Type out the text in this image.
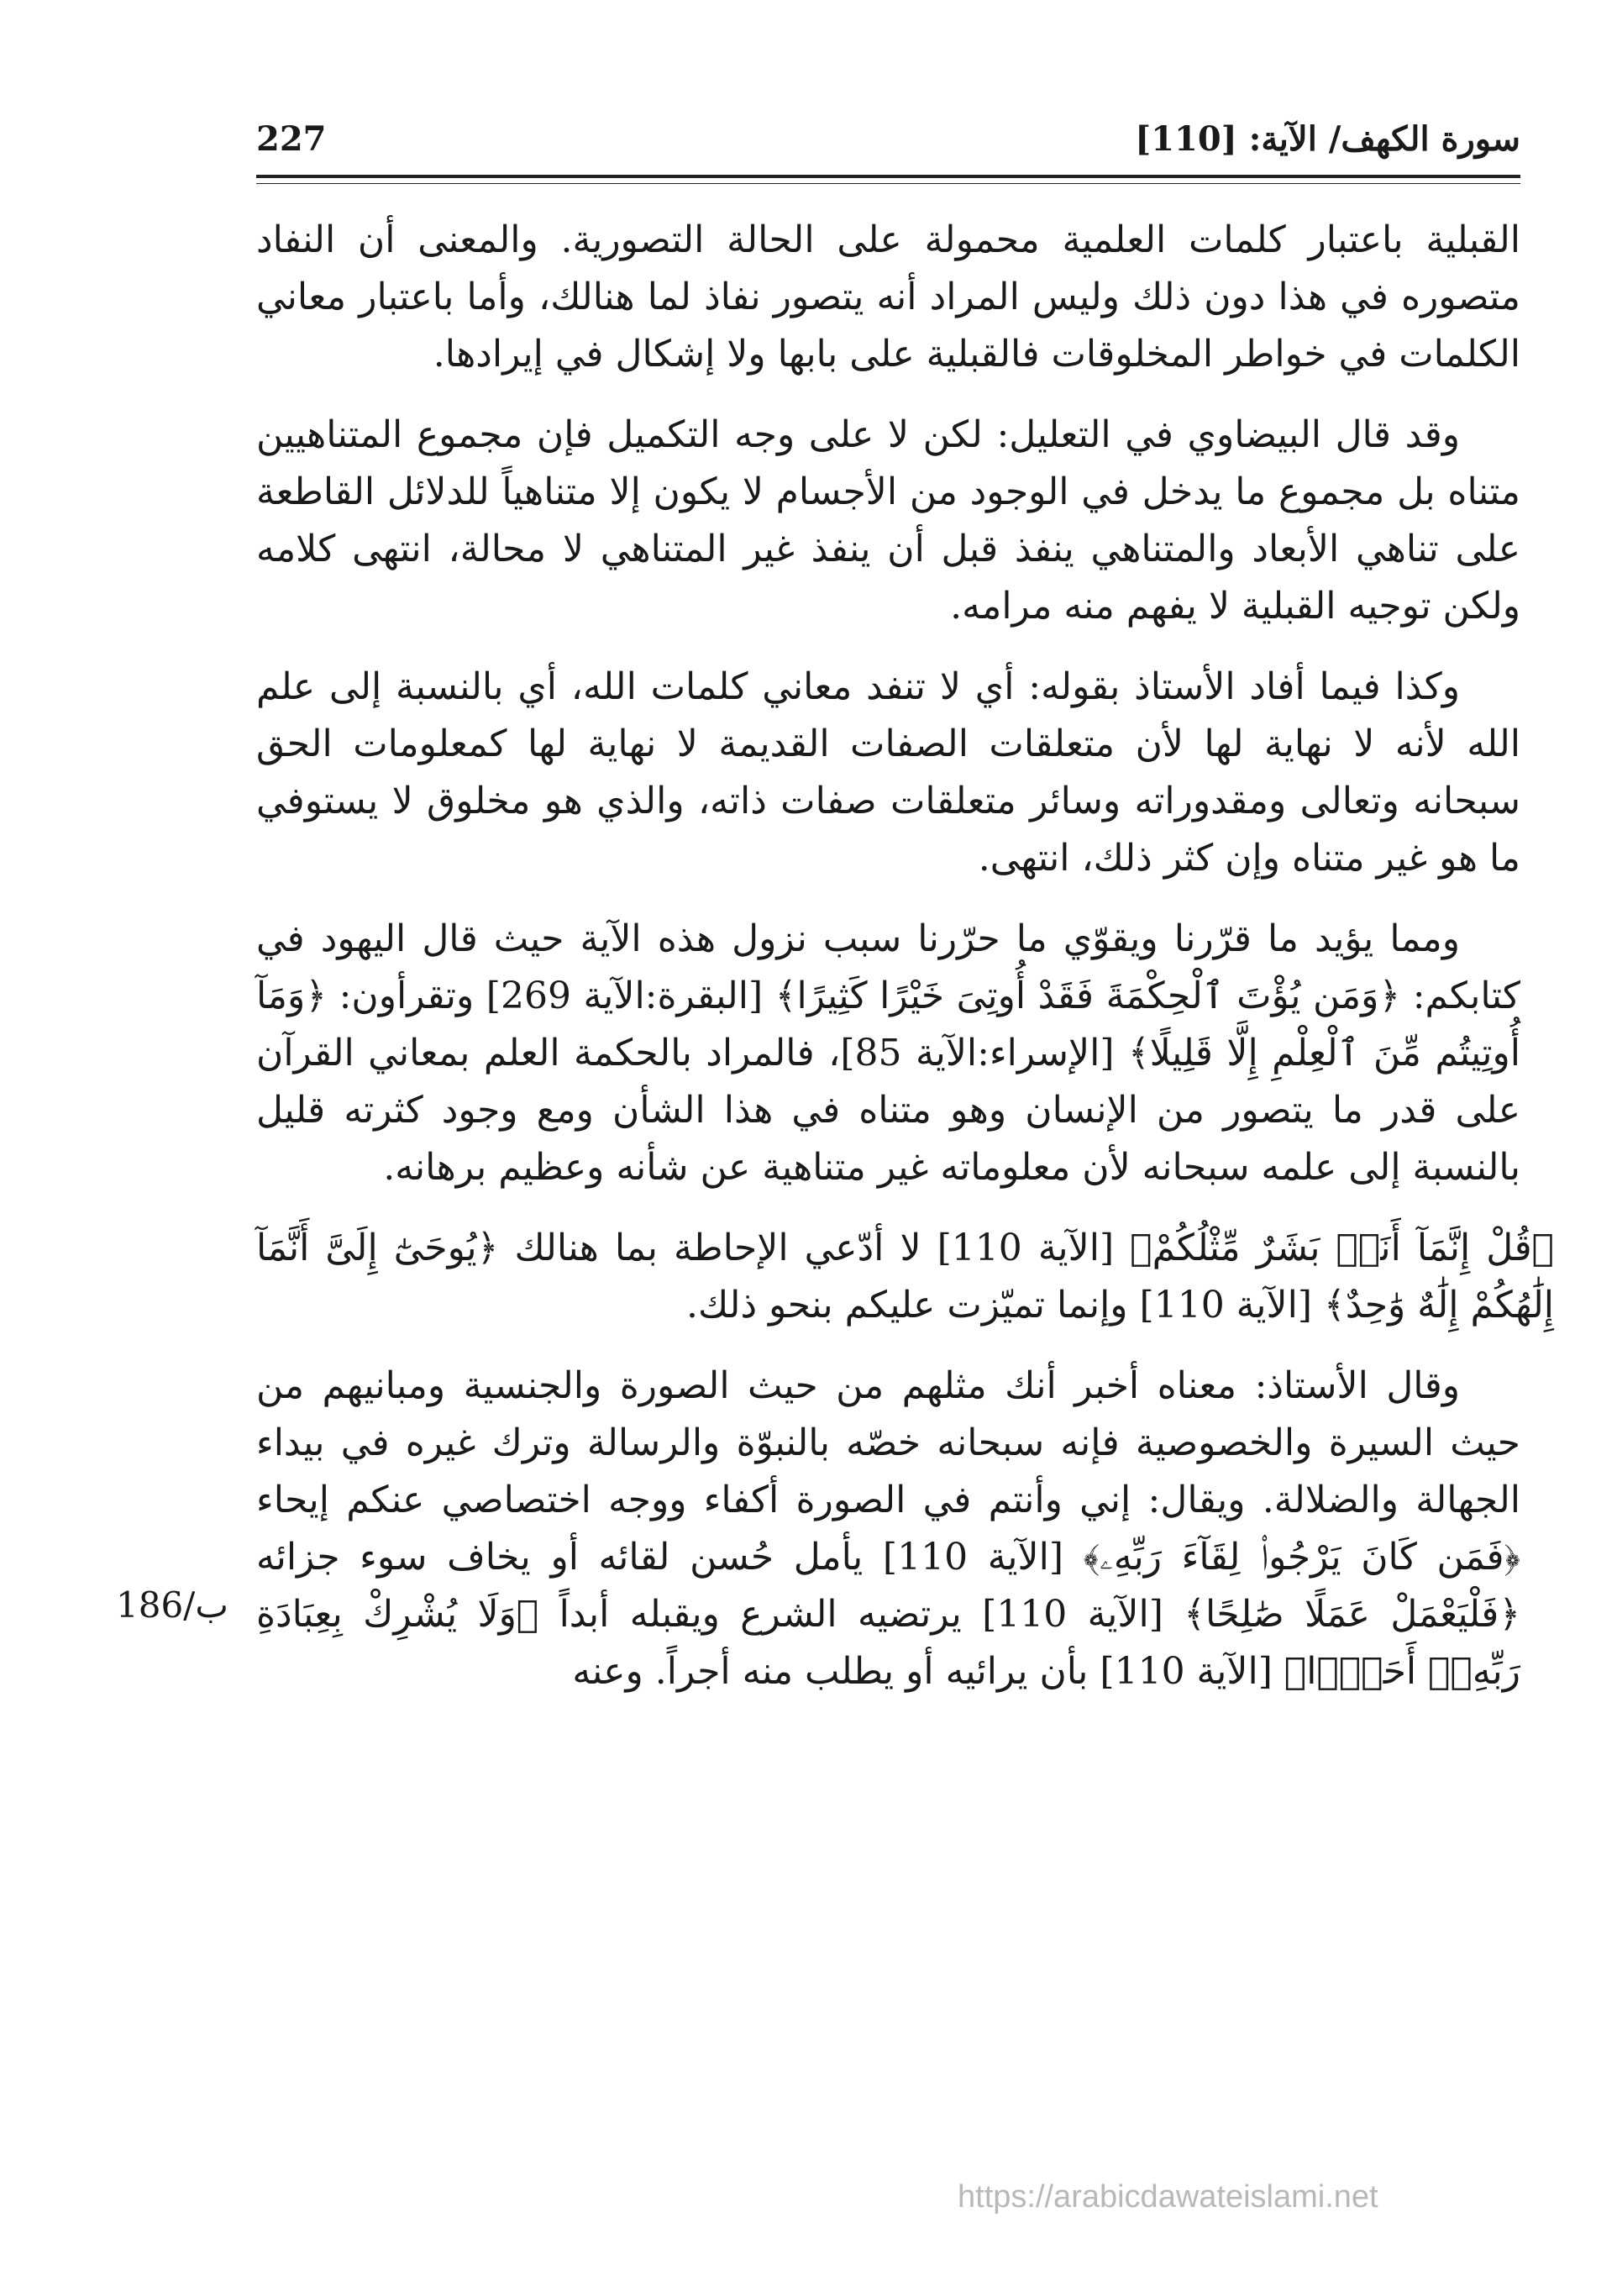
سورة الكهف/ الآية: [110]
227

القبلية باعتبار كلمات العلمية محمولة على الحالة التصورية. والمعنى أن النفاد متصوره في هذا دون ذلك وليس المراد أنه يتصور نفاذ لما هنالك، وأما باعتبار معاني الكلمات في خواطر المخلوقات فالقبلية على بابها ولا إشكال في إيرادها.

وقد قال البيضاوي في التعليل: لكن لا على وجه التكميل فإن مجموع المتناهيين متناه بل مجموع ما يدخل في الوجود من الأجسام لا يكون إلا متناهياً للدلائل القاطعة على تناهي الأبعاد والمتناهي ينفذ قبل أن ينفذ غير المتناهي لا محالة، انتهى كلامه ولكن توجيه القبلية لا يفهم منه مرامه.

وكذا فيما أفاد الأستاذ بقوله: أي لا تنفد معاني كلمات الله، أي بالنسبة إلى علم الله لأنه لا نهاية لها لأن متعلقات الصفات القديمة لا نهاية لها كمعلومات الحق سبحانه وتعالى ومقدوراته وسائر متعلقات صفات ذاته، والذي هو مخلوق لا يستوفي ما هو غير متناه وإن كثر ذلك، انتهى.

ومما يؤيد ما قرّرنا ويقوّي ما حرّرنا سبب نزول هذه الآية حيث قال اليهود في كتابكم: ﴿وَمَن يُؤْتَ ٱلْحِكْمَةَ فَقَدْ أُوتِىَ خَيْرًا كَثِيرًا﴾ [البقرة:الآية 269] وتقرأون: ﴿وَمَآ أُوتِيتُم مِّنَ ٱلْعِلْمِ إِلَّا قَلِيلًا﴾ [الإسراء:الآية 85]، فالمراد بالحكمة العلم بمعاني القرآن على قدر ما يتصور من الإنسان وهو متناه في هذا الشأن ومع وجود كثرته قليل بالنسبة إلى علمه سبحانه لأن معلوماته غير متناهية عن شأنه وعظيم برهانه.

﴿قُلْ إِنَّمَآ أَنَا۠ بَشَرٌ مِّثْلُكُمْ﴾ [الآية 110] لا أدّعي الإحاطة بما هنالك ﴿يُوحَىٰٓ إِلَىَّ أَنَّمَآ إِلَٰهُكُمْ إِلَٰهٌ وَٰحِدٌ﴾ [الآية 110] وإنما تميّزت عليكم بنحو ذلك.

وقال الأستاذ: معناه أخبر أنك مثلهم من حيث الصورة والجنسية ومبانيهم من حيث السيرة والخصوصية فإنه سبحانه خصّه بالنبوّة والرسالة وترك غيره في بيداء الجهالة والضلالة. ويقال: إني وأنتم في الصورة أكفاء ووجه اختصاصي عنكم إيحاء ﴿فَمَن كَانَ يَرْجُوا۟ لِقَآءَ رَبِّهِۦ﴾ [الآية 110] يأمل حُسن لقائه أو يخاف سوء جزائه ﴿فَلْيَعْمَلْ عَمَلًا صَٰلِحًا﴾ [الآية 110] يرتضيه الشرع ويقبله أبداً ﴿وَلَا يُشْرِكْ بِعِبَادَةِ رَبِّهِۦٓ أَحَدًۢا﴾ [الآية 110] بأن يرائيه أو يطلب منه أجراً. وعنه

186/ب
https://arabicdawateislami.net
